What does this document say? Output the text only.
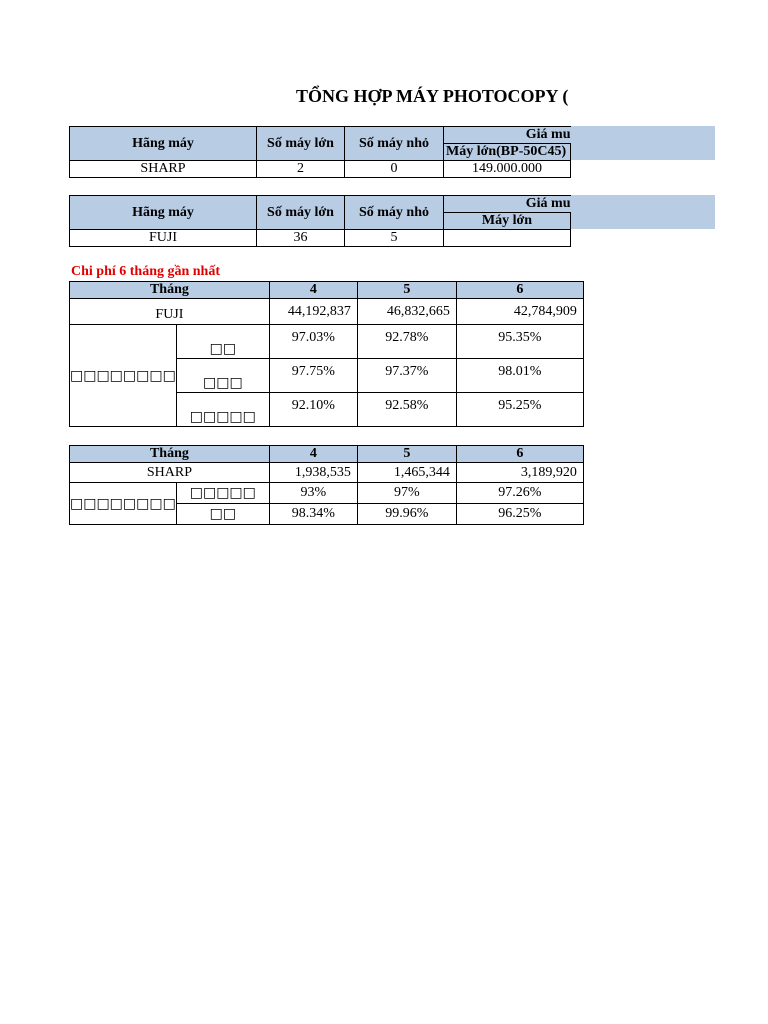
TỔNG HỢP MÁY PHOTOCOPY (
Hãng máy	Số máy lớn	Số máy nhỏ	Giá mu
			Máy lớn(BP-50C45)
SHARP	2	0	149.000.000
Hãng máy	Số máy lớn	Số máy nhỏ	Giá mu
			Máy lớn
FUJI	36	5	
Chi phí 6 tháng gần nhất
Tháng		4	5	6
FUJI		44,192,837	46,832,665	42,784,909
□□□□□□□□	□□	97.03%	92.78%	95.35%
	□□□	97.75%	97.37%	98.01%
	□□□□□	92.10%	92.58%	95.25%
Tháng		4	5	6
SHARP		1,938,535	1,465,344	3,189,920
□□□□□□□□	□□□□□	93%	97%	97.26%
	□□	98.34%	99.96%	96.25%
